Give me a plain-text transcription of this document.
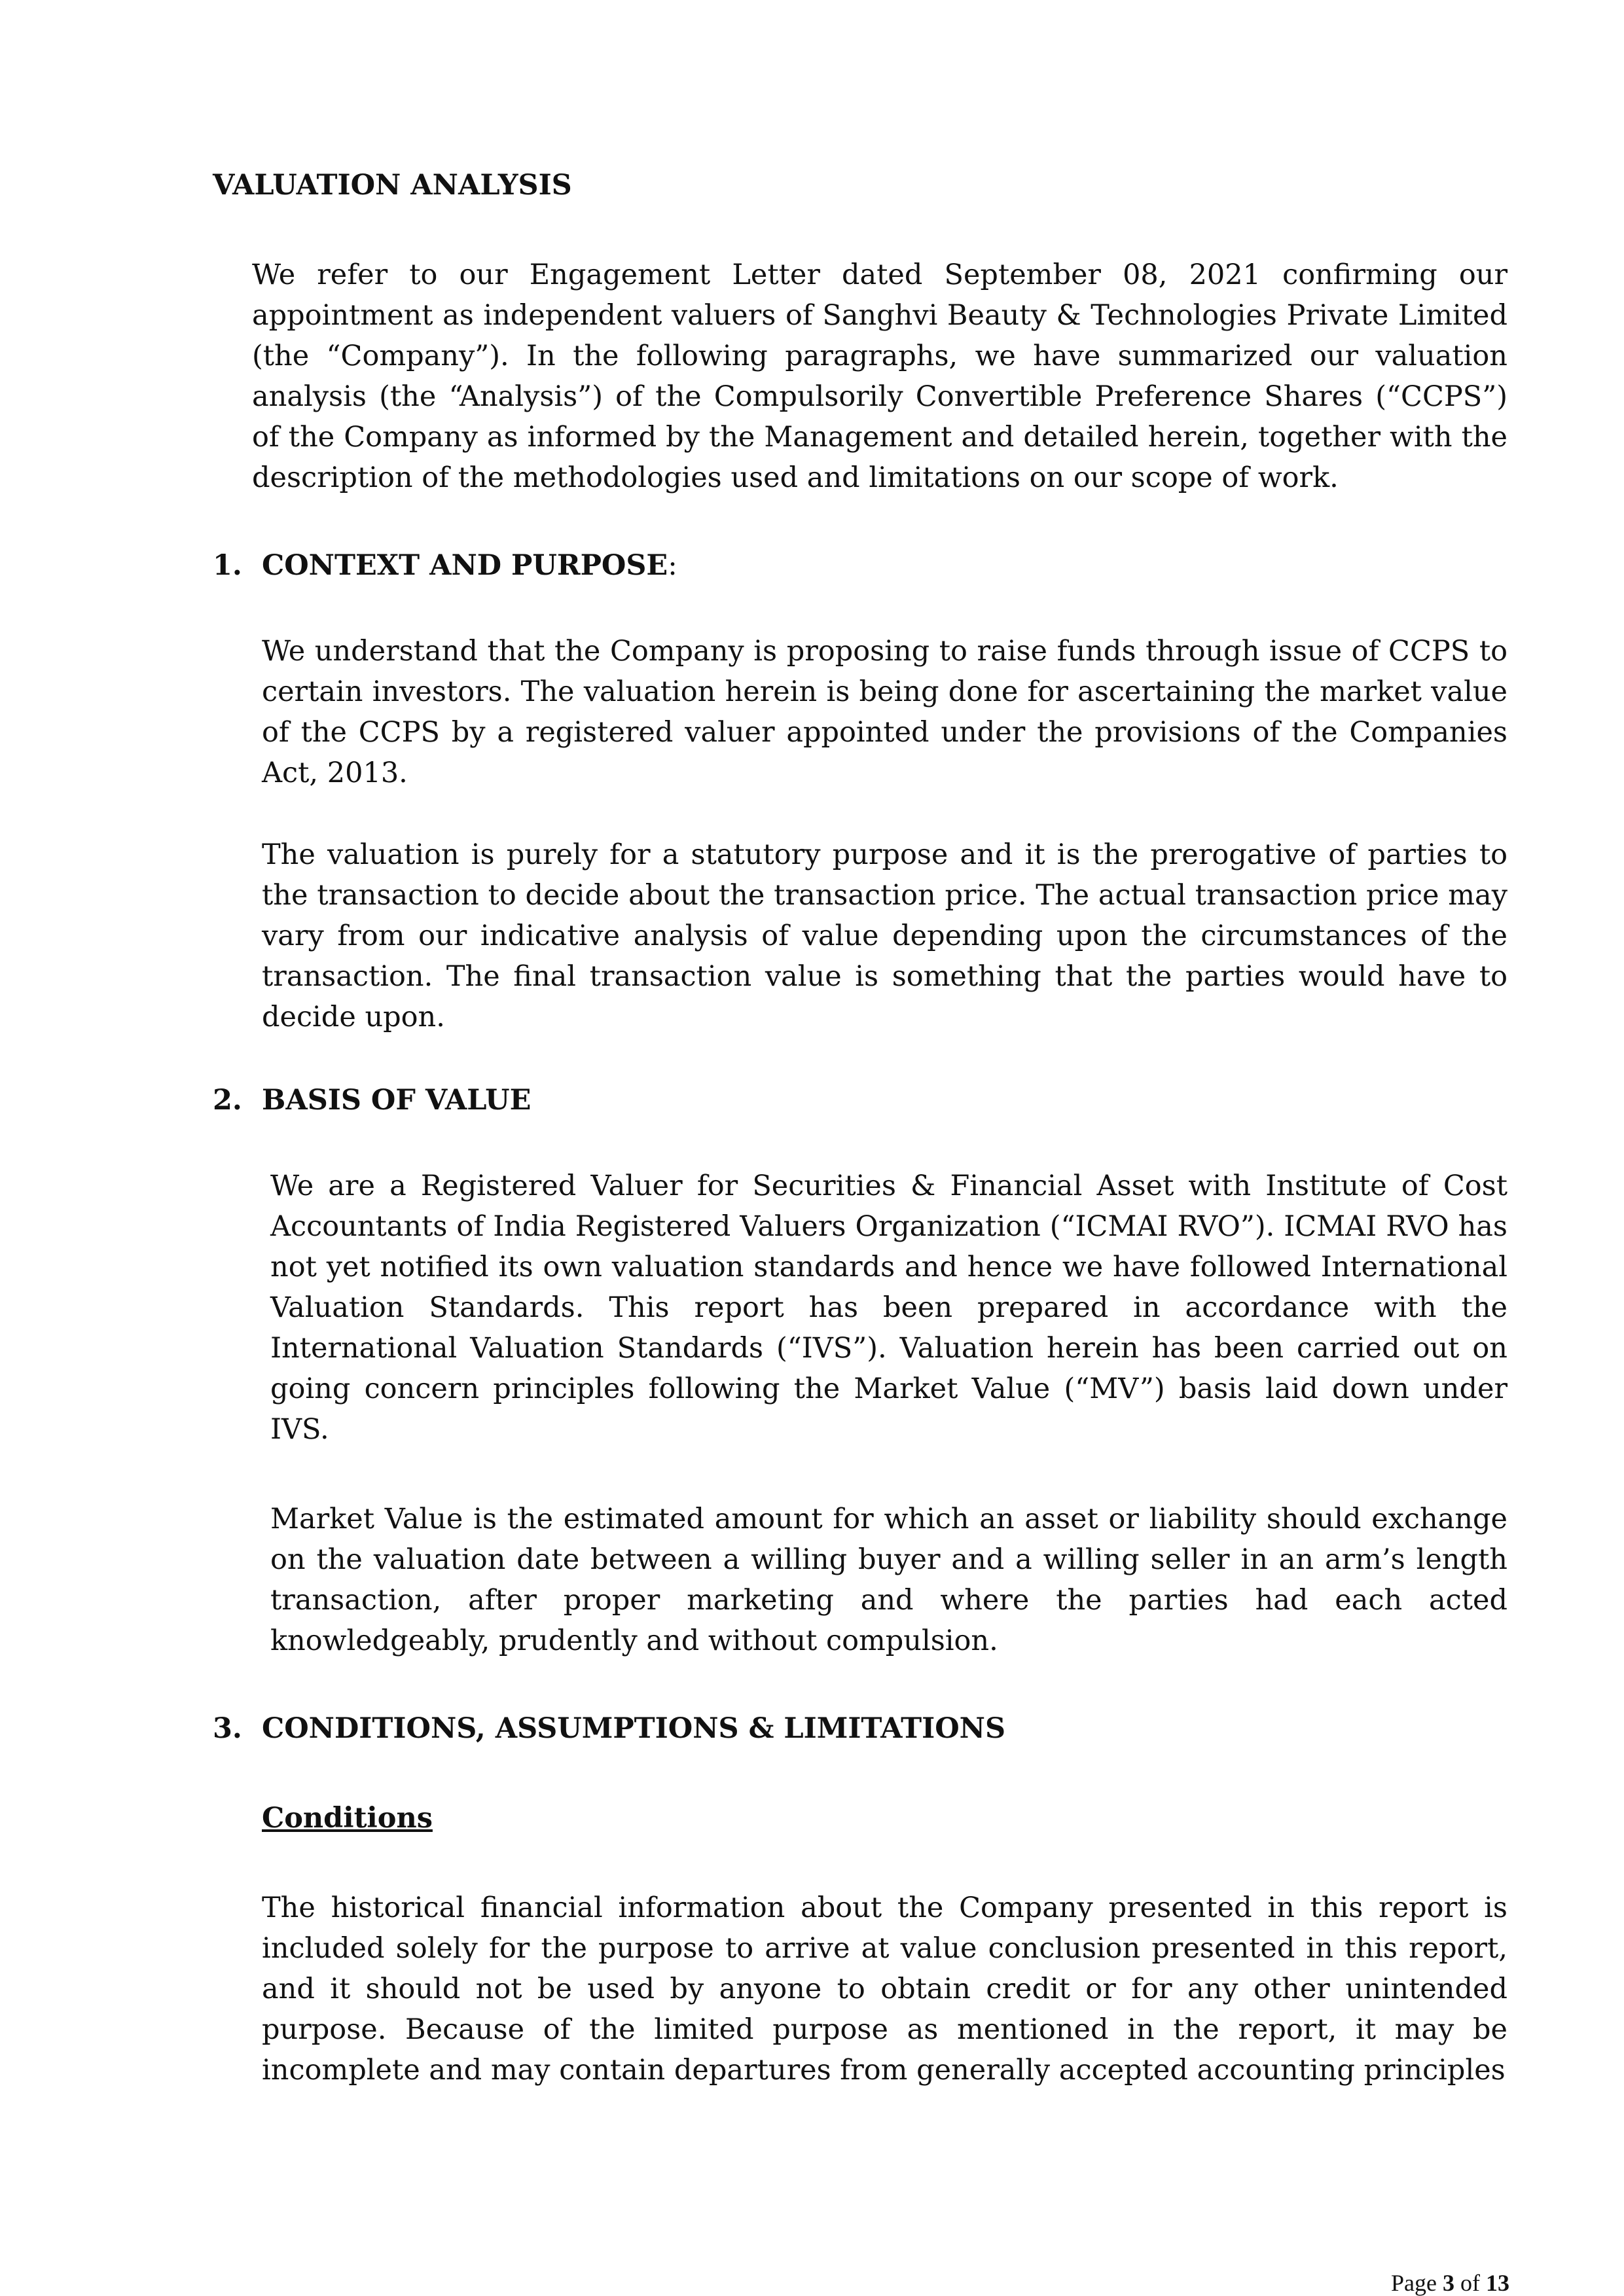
VALUATION ANALYSIS

We refer to our Engagement Letter dated September 08, 2021 confirming our appointment as independent valuers of Sanghvi Beauty & Technologies Private Limited (the “Company”). In the following paragraphs, we have summarized our valuation analysis (the “Analysis”) of the Compulsorily Convertible Preference Shares (“CCPS”) of the Company as informed by the Management and detailed herein, together with the description of the methodologies used and limitations on our scope of work.

1. CONTEXT AND PURPOSE:

We understand that the Company is proposing to raise funds through issue of CCPS to certain investors. The valuation herein is being done for ascertaining the market value of the CCPS by a registered valuer appointed under the provisions of the Companies Act, 2013.

The valuation is purely for a statutory purpose and it is the prerogative of parties to the transaction to decide about the transaction price. The actual transaction price may vary from our indicative analysis of value depending upon the circumstances of the transaction. The final transaction value is something that the parties would have to decide upon.

2. BASIS OF VALUE

We are a Registered Valuer for Securities & Financial Asset with Institute of Cost Accountants of India Registered Valuers Organization (“ICMAI RVO”). ICMAI RVO has not yet notified its own valuation standards and hence we have followed International Valuation Standards. This report has been prepared in accordance with the International Valuation Standards (“IVS”). Valuation herein has been carried out on going concern principles following the Market Value (“MV”) basis laid down under IVS.

Market Value is the estimated amount for which an asset or liability should exchange on the valuation date between a willing buyer and a willing seller in an arm’s length transaction, after proper marketing and where the parties had each acted knowledgeably, prudently and without compulsion.

3. CONDITIONS, ASSUMPTIONS & LIMITATIONS
Conditions

The historical financial information about the Company presented in this report is included solely for the purpose to arrive at value conclusion presented in this report, and it should not be used by anyone to obtain credit or for any other unintended purpose. Because of the limited purpose as mentioned in the report, it may be incomplete and may contain departures from generally accepted accounting principles

Page 3 of 13
